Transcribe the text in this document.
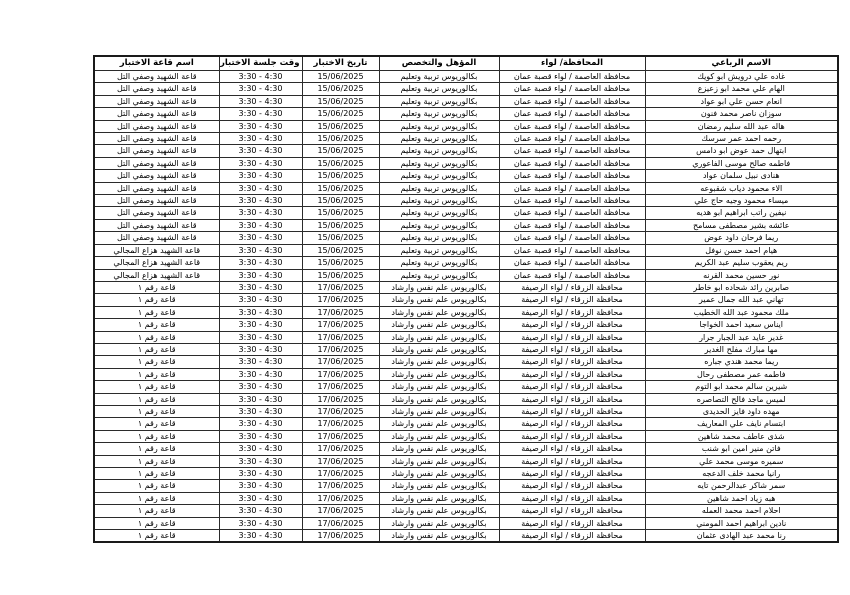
الاسم الرباعي	المحافظة/ لواء	المؤهل والتخصص	تاريخ الاختبار	وقت جلسة الاختبار	اسم قاعة الاختبار
غاده علي درويش ابو كويك	محافظة العاصمة / لواء قصبة عمان	بكالوريوس تربية وتعليم	15/06/2025	3:30 - 4:30	قاعة الشهيد وصفي التل
الهام علي محمد ابو زعيزع	محافظة العاصمة / لواء قصبة عمان	بكالوريوس تربية وتعليم	15/06/2025	3:30 - 4:30	قاعة الشهيد وصفي التل
انعام حسن علي ابو عواد	محافظة العاصمة / لواء قصبة عمان	بكالوريوس تربية وتعليم	15/06/2025	3:30 - 4:30	قاعة الشهيد وصفي التل
سوزان ناصر محمد فنون	محافظة العاصمة / لواء قصبة عمان	بكالوريوس تربية وتعليم	15/06/2025	3:30 - 4:30	قاعة الشهيد وصفي التل
هاله عبد الله سليم رمضان	محافظة العاصمة / لواء قصبة عمان	بكالوريوس تربية وتعليم	15/06/2025	3:30 - 4:30	قاعة الشهيد وصفي التل
رحمه احمد عمر سرسك	محافظة العاصمة / لواء قصبة عمان	بكالوريوس تربية وتعليم	15/06/2025	3:30 - 4:30	قاعة الشهيد وصفي التل
ابتهال حمد عوض ابو دامس	محافظة العاصمة / لواء قصبة عمان	بكالوريوس تربية وتعليم	15/06/2025	3:30 - 4:30	قاعة الشهيد وصفي التل
فاطمه صالح موسى الفاعوري	محافظة العاصمة / لواء قصبة عمان	بكالوريوس تربية وتعليم	15/06/2025	3:30 - 4:30	قاعة الشهيد وصفي التل
هنادى نبيل سلمان عواد	محافظة العاصمة / لواء قصبة عمان	بكالوريوس تربية وتعليم	15/06/2025	3:30 - 4:30	قاعة الشهيد وصفي التل
الاء محمود دياب شقبوعه	محافظة العاصمة / لواء قصبة عمان	بكالوريوس تربية وتعليم	15/06/2025	3:30 - 4:30	قاعة الشهيد وصفي التل
ميساء محمود وجيه حاج علي	محافظة العاصمة / لواء قصبة عمان	بكالوريوس تربية وتعليم	15/06/2025	3:30 - 4:30	قاعة الشهيد وصفي التل
نيفين راتب ابراهيم ابو هديه	محافظة العاصمة / لواء قصبة عمان	بكالوريوس تربية وتعليم	15/06/2025	3:30 - 4:30	قاعة الشهيد وصفي التل
عائشه بشير مصطفى مسامح	محافظة العاصمة / لواء قصبة عمان	بكالوريوس تربية وتعليم	15/06/2025	3:30 - 4:30	قاعة الشهيد وصفي التل
ريما فرحان داود عوض	محافظة العاصمة / لواء قصبة عمان	بكالوريوس تربية وتعليم	15/06/2025	3:30 - 4:30	قاعة الشهيد وصفي التل
هيام احمد حسن نوفل	محافظة العاصمة / لواء قصبة عمان	بكالوريوس تربية وتعليم	15/06/2025	3:30 - 4:30	قاعة الشهيد هزاع المجالي
ريم يعقوب سليم عبد الكريم	محافظة العاصمة / لواء قصبة عمان	بكالوريوس تربية وتعليم	15/06/2025	3:30 - 4:30	قاعة الشهيد هزاع المجالي
نور حسين محمد القرنه	محافظة العاصمة / لواء قصبة عمان	بكالوريوس تربية وتعليم	15/06/2025	3:30 - 4:30	قاعة الشهيد هزاع المجالي
صابرين رائد شحاده ابو خاطر	محافظة الزرقاء / لواء الرصيفة	بكالوريوس علم نفس وارشاد	17/06/2025	3:30 - 4:30	قاعة رقم ١
تهاني عبد الله جمال عمير	محافظة الزرقاء / لواء الرصيفة	بكالوريوس علم نفس وارشاد	17/06/2025	3:30 - 4:30	قاعة رقم ١
ملك محمود عبد الله الخطيب	محافظة الزرقاء / لواء الرصيفة	بكالوريوس علم نفس وارشاد	17/06/2025	3:30 - 4:30	قاعة رقم ١
ايناس سعيد احمد الخواجا	محافظة الزرقاء / لواء الرصيفة	بكالوريوس علم نفس وارشاد	17/06/2025	3:30 - 4:30	قاعة رقم ١
غدير عايد عبد الجبار جرار	محافظة الزرقاء / لواء الرصيفة	بكالوريوس علم نفس وارشاد	17/06/2025	3:30 - 4:30	قاعة رقم ١
مها مبارك مفلح الغدير	محافظة الزرقاء / لواء الرصيفة	بكالوريوس علم نفس وارشاد	17/06/2025	3:30 - 4:30	قاعة رقم ١
ريما محمد هندي جباره	محافظة الزرقاء / لواء الرصيفة	بكالوريوس علم نفس وارشاد	17/06/2025	3:30 - 4:30	قاعة رقم ١
فاطمه عمر مصطفى رحال	محافظة الزرقاء / لواء الرصيفة	بكالوريوس علم نفس وارشاد	17/06/2025	3:30 - 4:30	قاعة رقم ١
شيرين سالم محمد ابو التوم	محافظة الزرقاء / لواء الرصيفة	بكالوريوس علم نفس وارشاد	17/06/2025	3:30 - 4:30	قاعة رقم ١
لميس ماجد فالح التصاصره	محافظة الزرقاء / لواء الرصيفة	بكالوريوس علم نفس وارشاد	17/06/2025	3:30 - 4:30	قاعة رقم ١
مهده داود فايز الحديدى	محافظة الزرقاء / لواء الرصيفة	بكالوريوس علم نفس وارشاد	17/06/2025	3:30 - 4:30	قاعة رقم ١
ابتسام نايف علي المعاريف	محافظة الزرقاء / لواء الرصيفة	بكالوريوس علم نفس وارشاد	17/06/2025	3:30 - 4:30	قاعة رقم ١
شذى عاطف محمد شاهين	محافظة الزرقاء / لواء الرصيفة	بكالوريوس علم نفس وارشاد	17/06/2025	3:30 - 4:30	قاعة رقم ١
فاتن منير امين ابو شنب	محافظة الزرقاء / لواء الرصيفة	بكالوريوس علم نفس وارشاد	17/06/2025	3:30 - 4:30	قاعة رقم ١
سميره موسى محمد علي	محافظة الزرقاء / لواء الرصيفة	بكالوريوس علم نفس وارشاد	17/06/2025	3:30 - 4:30	قاعة رقم ١
رانيا محمد خلف الدعجه	محافظة الزرقاء / لواء الرصيفة	بكالوريوس علم نفس وارشاد	17/06/2025	3:30 - 4:30	قاعة رقم ١
سمر شاكر عبدالرحمن تايه	محافظة الزرقاء / لواء الرصيفة	بكالوريوس علم نفس وارشاد	17/06/2025	3:30 - 4:30	قاعة رقم ١
هبه زياد احمد شاهين	محافظة الزرقاء / لواء الرصيفة	بكالوريوس علم نفس وارشاد	17/06/2025	3:30 - 4:30	قاعة رقم ١
احلام احمد محمد العمله	محافظة الزرقاء / لواء الرصيفة	بكالوريوس علم نفس وارشاد	17/06/2025	3:30 - 4:30	قاعة رقم ١
نادين ابراهيم احمد المومني	محافظة الزرقاء / لواء الرصيفة	بكالوريوس علم نفس وارشاد	17/06/2025	3:30 - 4:30	قاعة رقم ١
رنا محمد عبد الهادى عثمان	محافظة الزرقاء / لواء الرصيفة	بكالوريوس علم نفس وارشاد	17/06/2025	3:30 - 4:30	قاعة رقم ١
